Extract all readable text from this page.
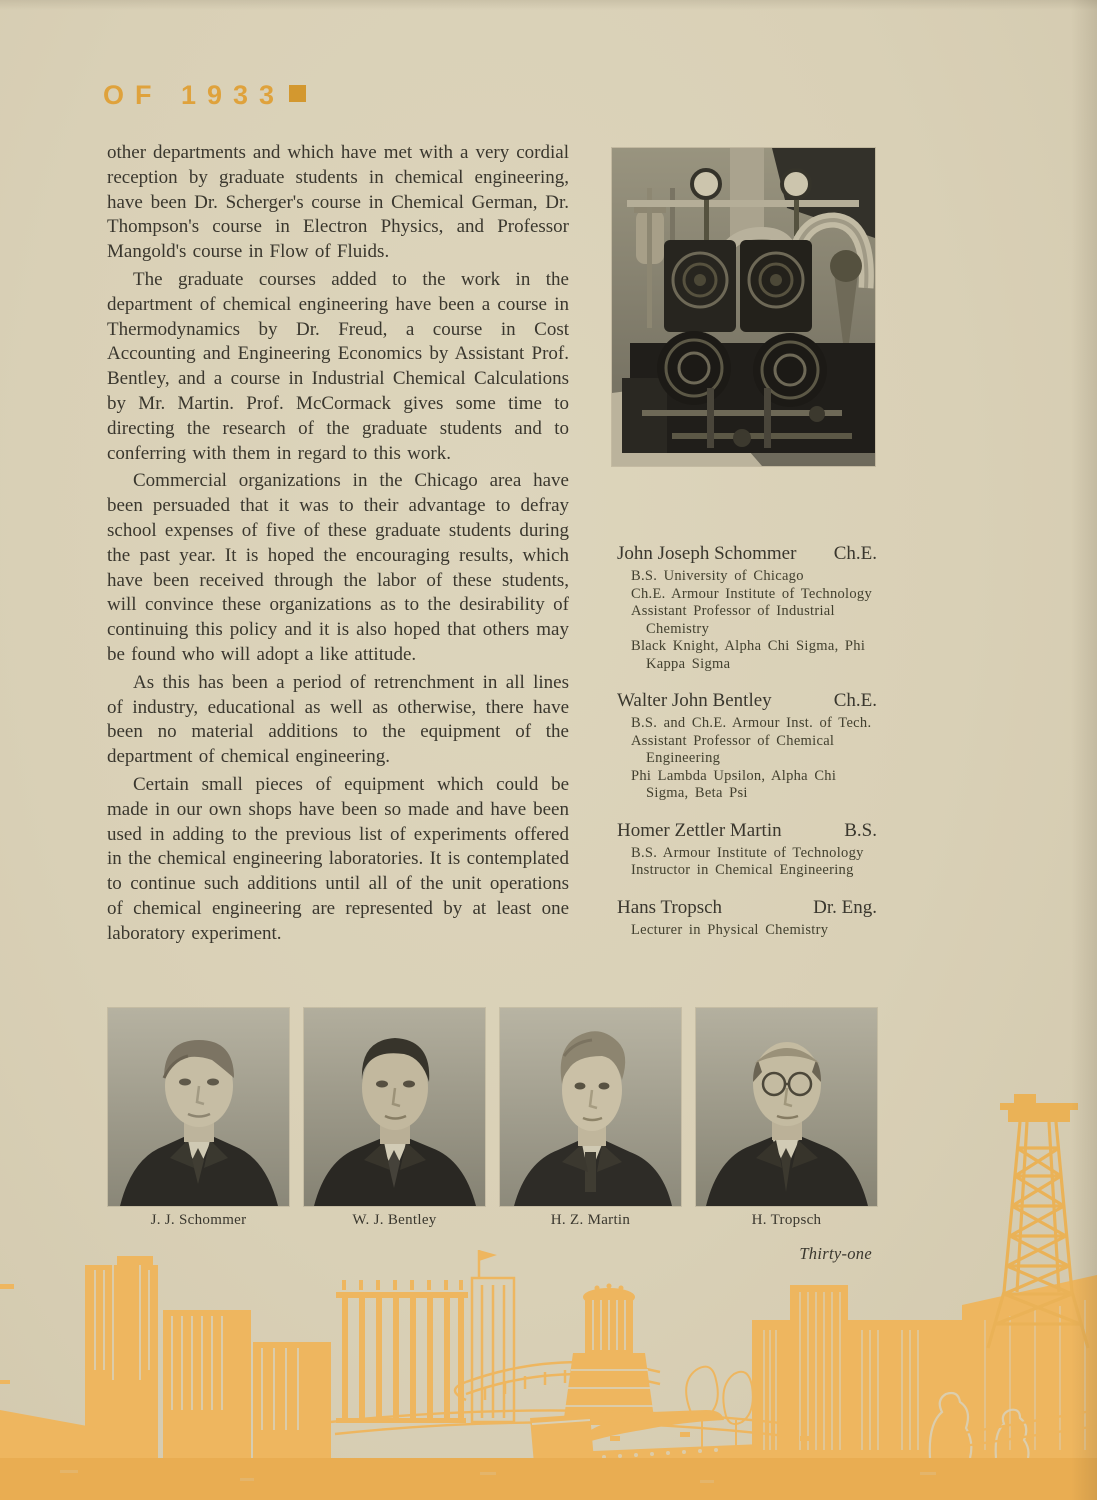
OF 1933

other departments and which have met with a very cordial reception by graduate students in chemical engineering, have been Dr. Scherger's course in Chemical German, Dr. Thompson's course in Electron Physics, and Professor Mangold's course in Flow of Fluids.

The graduate courses added to the work in the department of chemical engineering have been a course in Thermodynamics by Dr. Freud, a course in Cost Accounting and Engineering Economics by Assistant Prof. Bentley, and a course in Industrial Chemical Calculations by Mr. Martin. Prof. McCormack gives some time to directing the research of the graduate students and to conferring with them in regard to this work.

Commercial organizations in the Chicago area have been persuaded that it was to their advantage to defray school expenses of five of these graduate students during the past year. It is hoped the encouraging results, which have been received through the labor of these students, will convince these organizations as to the desirability of continuing this policy and it is also hoped that others may be found who will adopt a like attitude.

As this has been a period of retrenchment in all lines of industry, educational as well as otherwise, there have been no material additions to the equipment of the department of chemical engineering.

Certain small pieces of equipment which could be made in our own shops have been so made and have been used in adding to the previous list of experiments offered in the chemical engineering laboratories. It is contemplated to continue such additions until all of the unit operations of chemical engineering are represented by at least one laboratory experiment.

John Joseph Schommer Ch.E.
B.S. University of Chicago
Ch.E. Armour Institute of Technology
Assistant Professor of Industrial Chemistry
Black Knight, Alpha Chi Sigma, Phi Kappa Sigma
Walter John Bentley	Ch.E.
B.S. and Ch.E. Armour Inst. of Tech.
Assistant Professor of Chemical Engineering
Phi Lambda Upsilon, Alpha Chi Sigma, Beta Psi
Homer Zettler Martin	B.S.
B.S. Armour Institute of Technology
Instructor in Chemical Engineering
Hans Tropsch	Dr. Eng.
Lecturer in Physical Chemistry
J. J. Schommer	W. J. Bentley	H. Z. Martin	H. Tropsch
Thirty-one
